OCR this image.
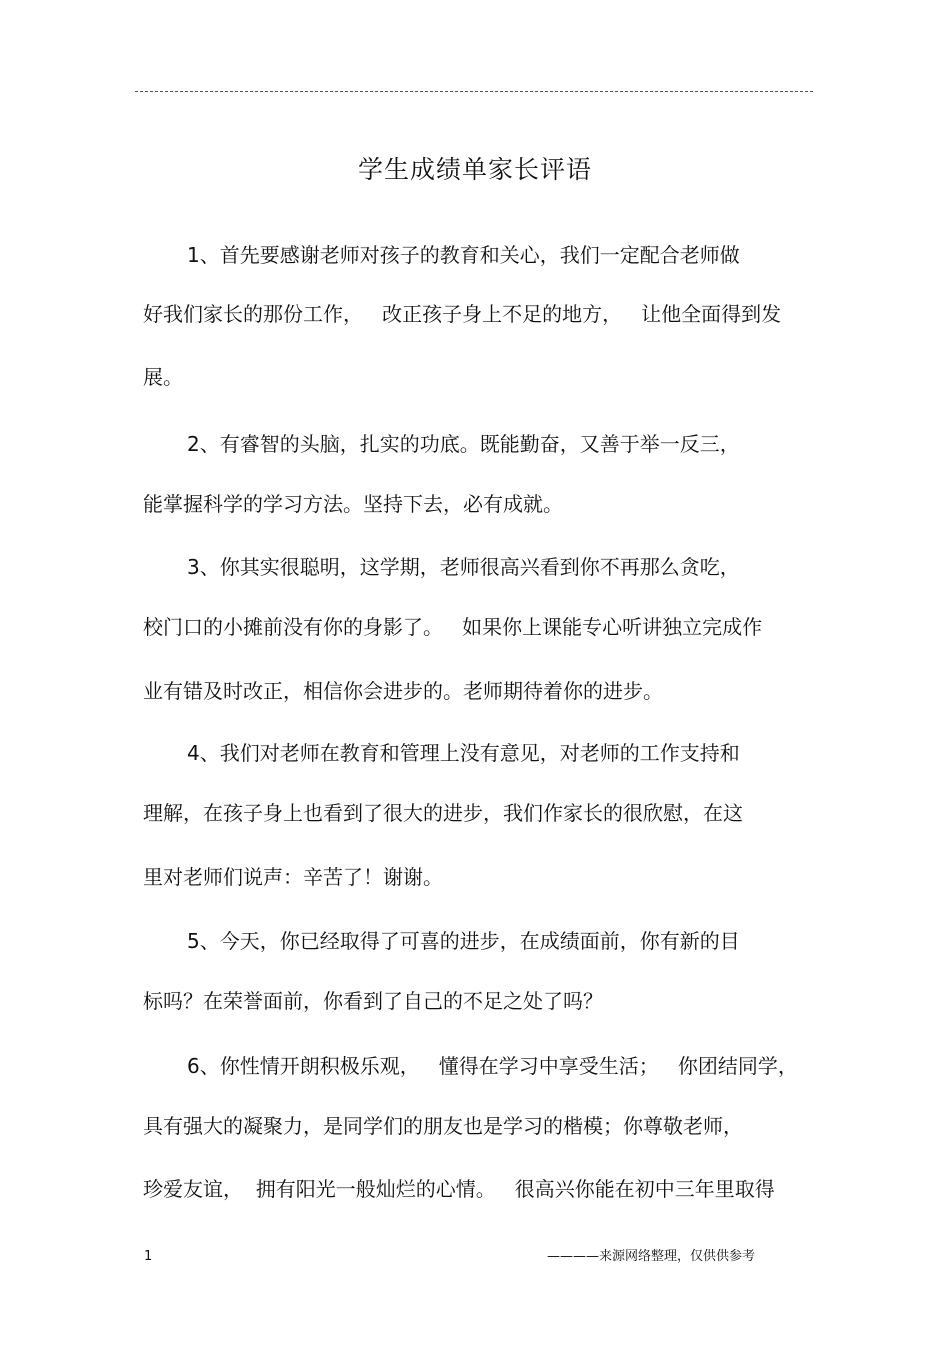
学生成绩单家长评语
1、首先要感谢老师对孩子的教育和关心，我们一定配合老师做
好我们家长的那份工作，   改正孩子身上不足的地方，   让他全面得到发
展。
2、有睿智的头脑，扎实的功底。既能勤奋，又善于举一反三，
能掌握科学的学习方法。坚持下去，必有成就。
3、你其实很聪明，这学期，老师很高兴看到你不再那么贪吃，
校门口的小摊前没有你的身影了。   如果你上课能专心听讲独立完成作
业有错及时改正，相信你会进步的。老师期待着你的进步。
4、我们对老师在教育和管理上没有意见，对老师的工作支持和
理解，在孩子身上也看到了很大的进步，我们作家长的很欣慰，在这
里对老师们说声：辛苦了！谢谢。
5、今天，你已经取得了可喜的进步，在成绩面前，你有新的目
标吗？在荣誉面前，你看到了自己的不足之处了吗？
6、你性情开朗积极乐观，   懂得在学习中享受生活；   你团结同学，
具有强大的凝聚力，是同学们的朋友也是学习的楷模；你尊敬老师，
珍爱友谊，  拥有阳光一般灿烂的心情。   很高兴你能在初中三年里取得
1	————来源网络整理，仅供供参考
